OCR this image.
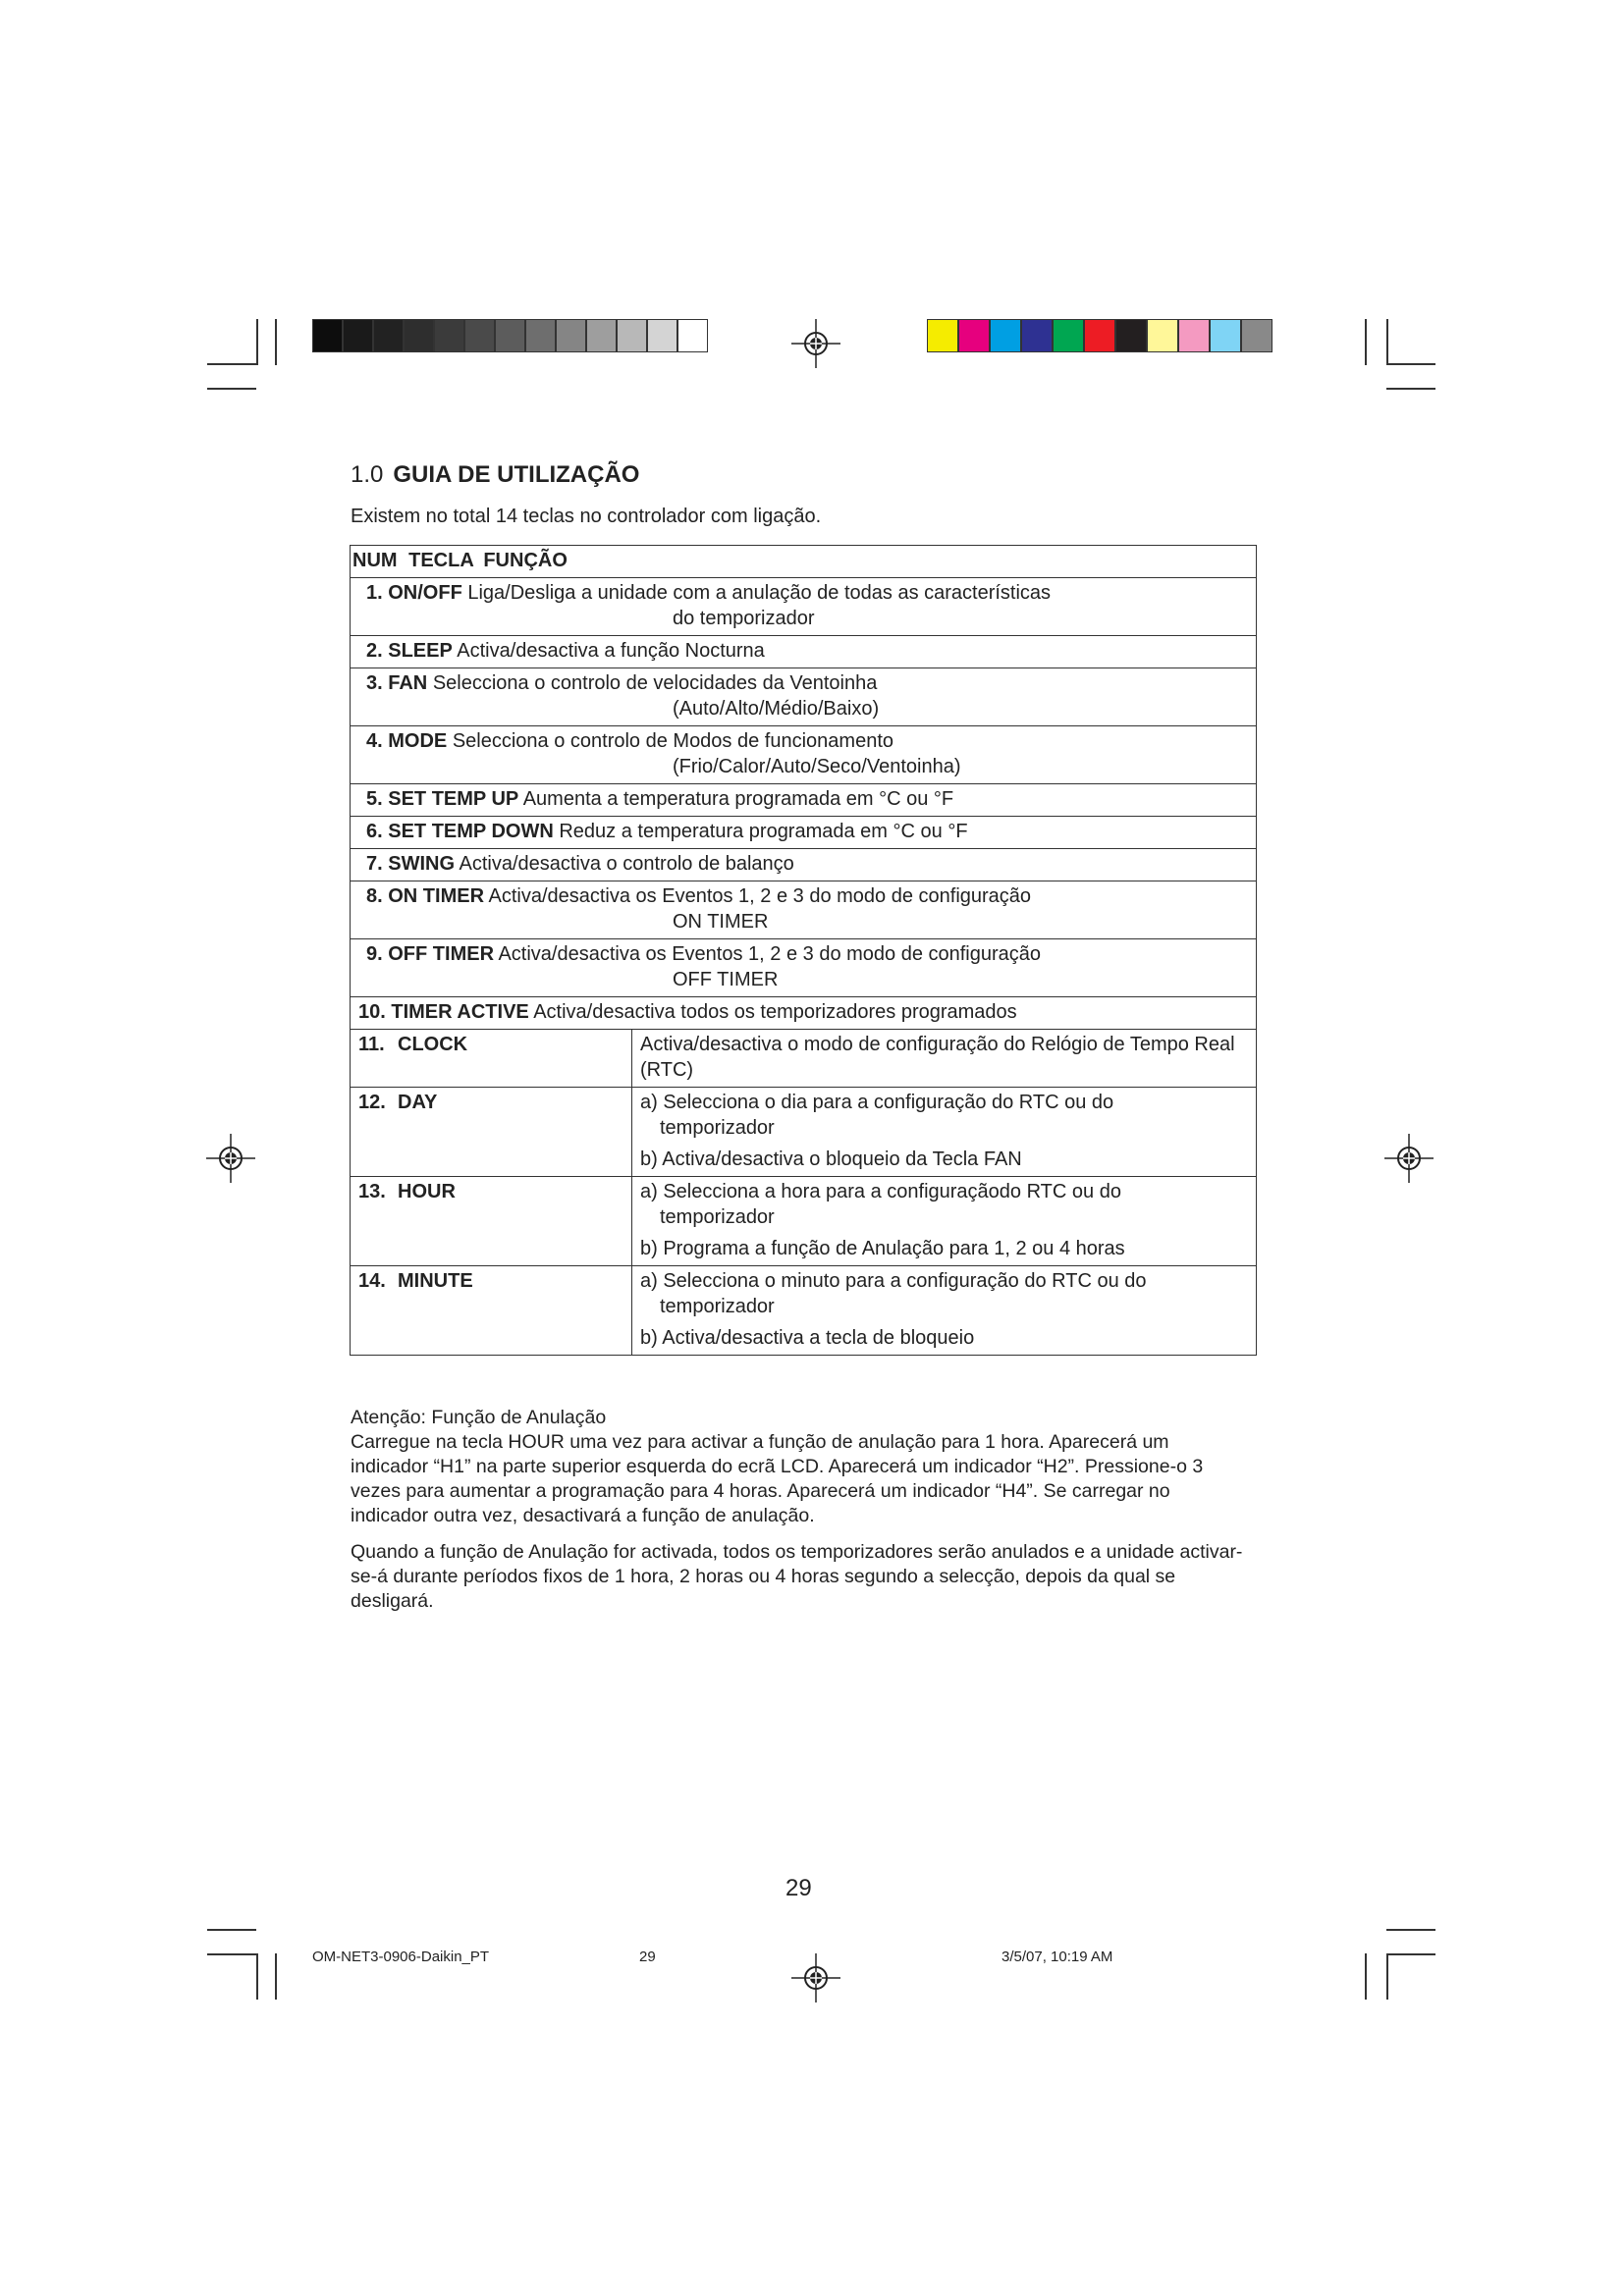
1.0 GUIA DE UTILIZAÇÃO
Existem no total 14 teclas no controlador com ligação.
NUM TECLA FUNÇÃO		
1. ON/OFF Liga/Desliga a unidade com a anulação de todas as características
do temporizador		

2. SLEEP Activa/desactiva a função Nocturna		
3. FAN Selecciona o controlo de velocidades da Ventoinha
(Auto/Alto/Médio/Baixo)		

4. MODE Selecciona o controlo de Modos de funcionamento
(Frio/Calor/Auto/Seco/Ventoinha)		

5. SET TEMP UP Aumenta a temperatura programada em °C ou °F		
6. SET TEMP DOWN Reduz a temperatura programada em °C ou °F		
7. SWING Activa/desactiva o controlo de balanço		
8. ON TIMER Activa/desactiva os Eventos 1, 2 e 3 do modo de configuração
ON TIMER		

9. OFF TIMER Activa/desactiva os Eventos 1, 2 e 3 do modo de configuração
OFF TIMER		

10. TIMER ACTIVE Activa/desactiva todos os temporizadores programados		
11.	CLOCK	Activa/desactiva o modo de configuração do Relógio de Tempo Real (RTC)
12.	DAY	a) Selecciona o dia para a configuração do RTC ou do
temporizador
b) Activa/desactiva o bloqueio da Tecla FAN

13.	HOUR	a) Selecciona a hora para a configuraçãodo RTC ou do
temporizador
b) Programa a função de Anulação para 1, 2 ou 4 horas

14.	MINUTE	a) Selecciona o minuto para a configuração do RTC ou do
temporizador
b) Activa/desactiva a tecla de bloqueio
Atenção: Função de Anulação

Carregue na tecla HOUR uma vez para activar a função de anulação para 1 hora. Aparecerá um indicador “H1” na parte superior esquerda do ecrã LCD. Aparecerá um indicador “H2”. Pressione-o 3 vezes para aumentar a programação para 4 horas. Aparecerá um indicador “H4”. Se carregar no indicador outra vez, desactivará a função de anulação.

Quando a função de Anulação for activada, todos os temporizadores serão anulados e a unidade activar-se-á durante períodos fixos de 1 hora, 2 horas ou 4 horas segundo a selecção, depois da qual se desligará.

29
OM-NET3-0906-Daikin_PT	29	3/5/07, 10:19 AM
